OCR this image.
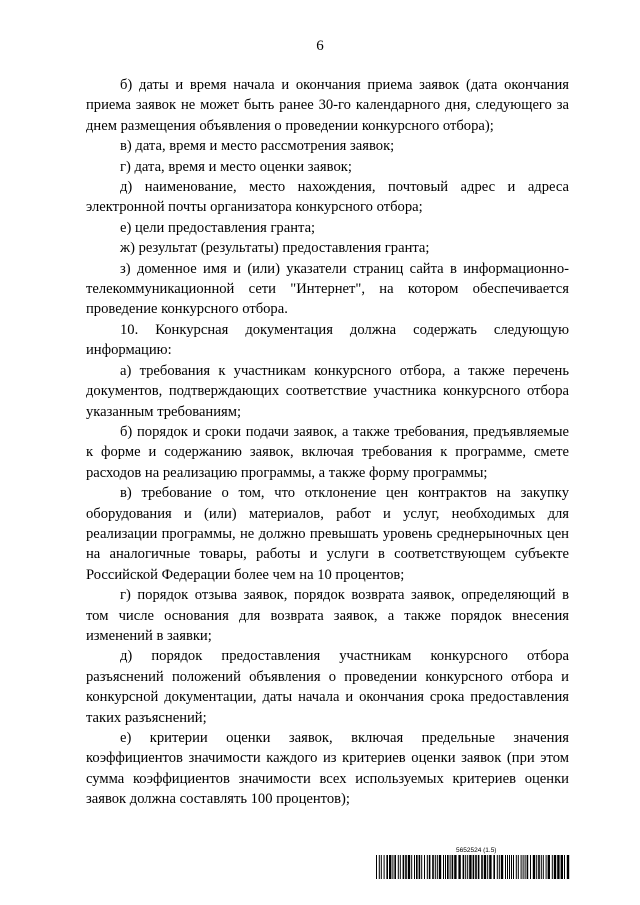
6

б) даты и время начала и окончания приема заявок (дата окончания приема заявок не может быть ранее 30-го календарного дня, следующего за днем размещения объявления о проведении конкурсного отбора);

в) дата, время и место рассмотрения заявок;

г) дата, время и место оценки заявок;

д) наименование, место нахождения, почтовый адрес и адреса электронной почты организатора конкурсного отбора;

е) цели предоставления гранта;

ж) результат (результаты) предоставления гранта;

з) доменное имя и (или) указатели страниц сайта в информационно-телекоммуникационной сети "Интернет", на котором обеспечивается проведение конкурсного отбора.

10. Конкурсная документация должна содержать следующую информацию:

а) требования к участникам конкурсного отбора, а также перечень документов, подтверждающих соответствие участника конкурсного отбора указанным требованиям;

б) порядок и сроки подачи заявок, а также требования, предъявляемые к форме и содержанию заявок, включая требования к программе, смете расходов на реализацию программы, а также форму программы;

в) требование о том, что отклонение цен контрактов на закупку оборудования и (или) материалов, работ и услуг, необходимых для реализации программы, не должно превышать уровень среднерыночных цен на аналогичные товары, работы и услуги в соответствующем субъекте Российской Федерации более чем на 10 процентов;

г) порядок отзыва заявок, порядок возврата заявок, определяющий в том числе основания для возврата заявок, а также порядок внесения изменений в заявки;

д) порядок предоставления участникам конкурсного отбора разъяснений положений объявления о проведении конкурсного отбора и конкурсной документации, даты начала и окончания срока предоставления таких разъяснений;

е) критерии оценки заявок, включая предельные значения коэффициентов значимости каждого из критериев оценки заявок (при этом сумма коэффициентов значимости всех используемых критериев оценки заявок должна составлять 100 процентов);

5652524 (1.5)
